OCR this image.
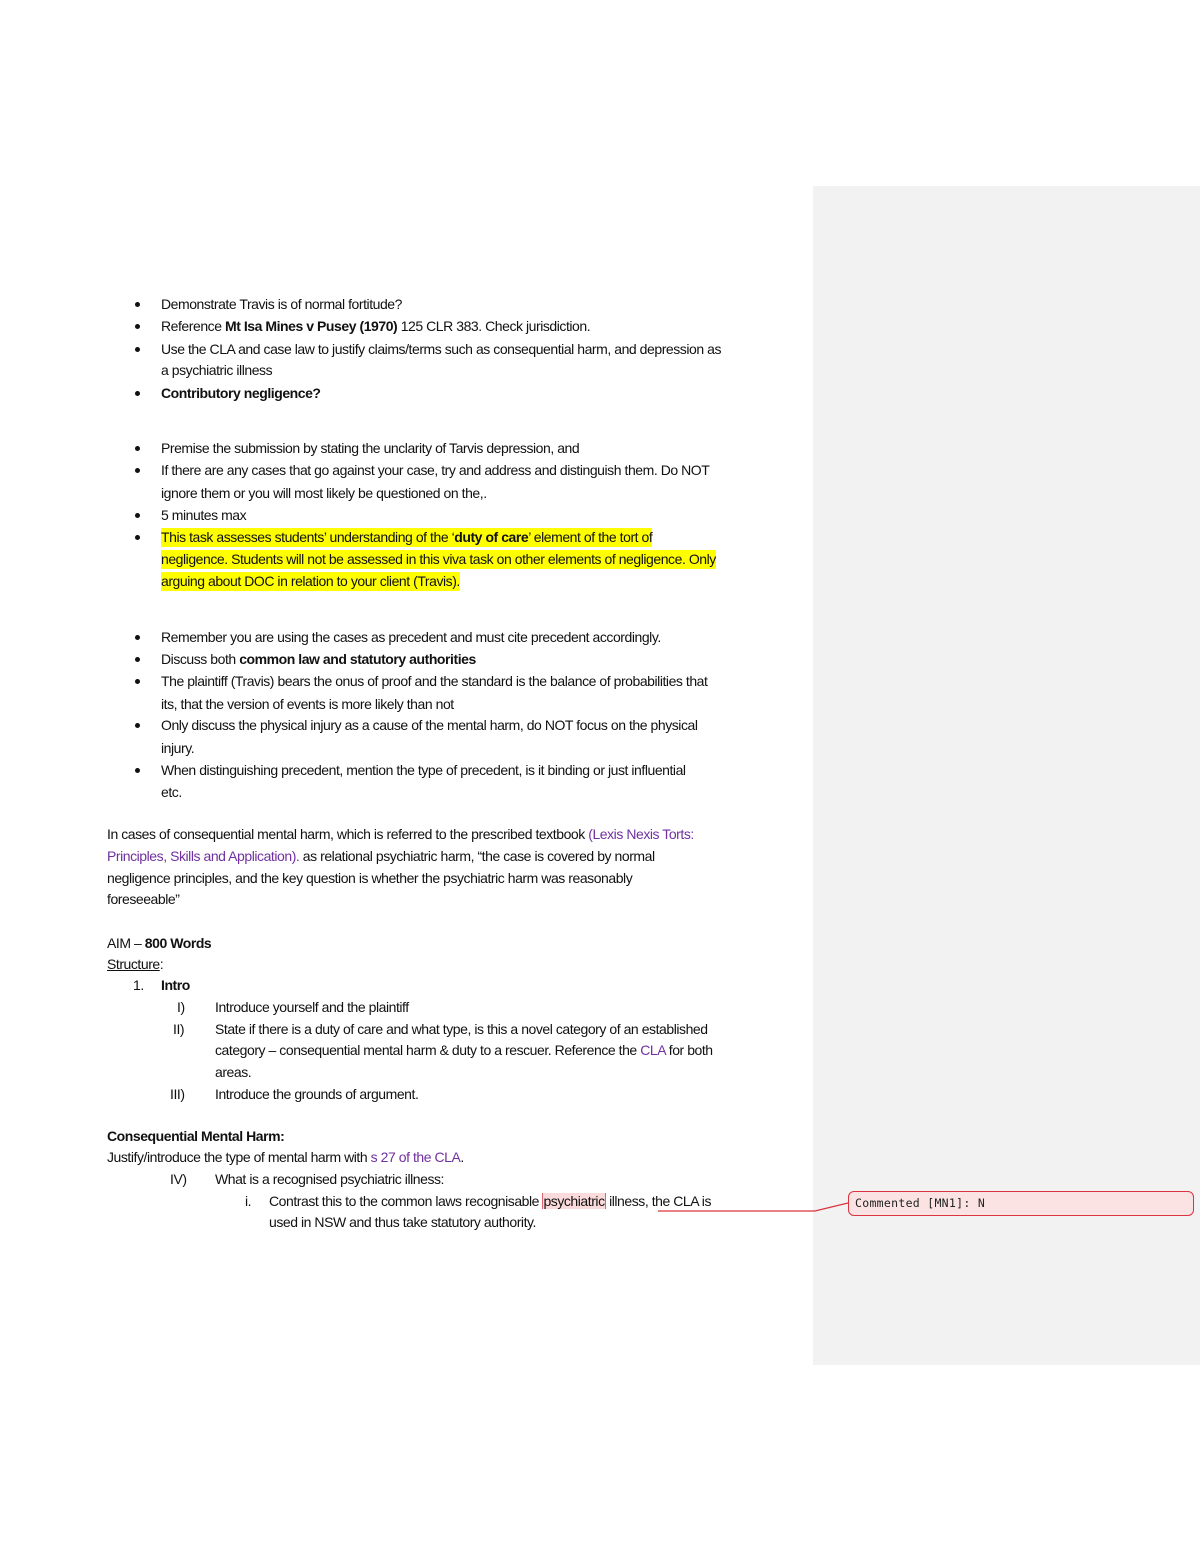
Demonstrate Travis is of normal fortitude?
Reference Mt Isa Mines v Pusey (1970) 125 CLR 383. Check jurisdiction.
Use the CLA and case law to justify claims/terms such as consequential harm, and depression as
a psychiatric illness
Contributory negligence?
Premise the submission by stating the unclarity of Tarvis depression, and
If there are any cases that go against your case, try and address and distinguish them. Do NOT
ignore them or you will most likely be questioned on the,.
5 minutes max
This task assesses students’ understanding of the ‘duty of care’ element of the tort of
negligence. Students will not be assessed in this viva task on other elements of negligence. Only
arguing about DOC in relation to your client (Travis).
Remember you are using the cases as precedent and must cite precedent accordingly.
Discuss both common law and statutory authorities
The plaintiff (Travis) bears the onus of proof and the standard is the balance of probabilities that
its, that the version of events is more likely than not
Only discuss the physical injury as a cause of the mental harm, do NOT focus on the physical
injury.
When distinguishing precedent, mention the type of precedent, is it binding or just influential
etc.
In cases of consequential mental harm, which is referred to the prescribed textbook (Lexis Nexis Torts:
Principles, Skills and Application). as relational psychiatric harm, “the case is covered by normal
negligence principles, and the key question is whether the psychiatric harm was reasonably
foreseeable”
AIM – 800 Words
Structure:
1. Intro
I) Introduce yourself and the plaintiff
II) State if there is a duty of care and what type, is this a novel category of an established
category – consequential mental harm & duty to a rescuer. Reference the CLA for both
areas.
III) Introduce the grounds of argument.
Consequential Mental Harm:
Justify/introduce the type of mental harm with s 27 of the CLA.
IV) What is a recognised psychiatric illness:
i. Contrast this to the common laws recognisable psychiatric illness, the CLA is
used in NSW and thus take statutory authority.
Commented [MN1]: N
